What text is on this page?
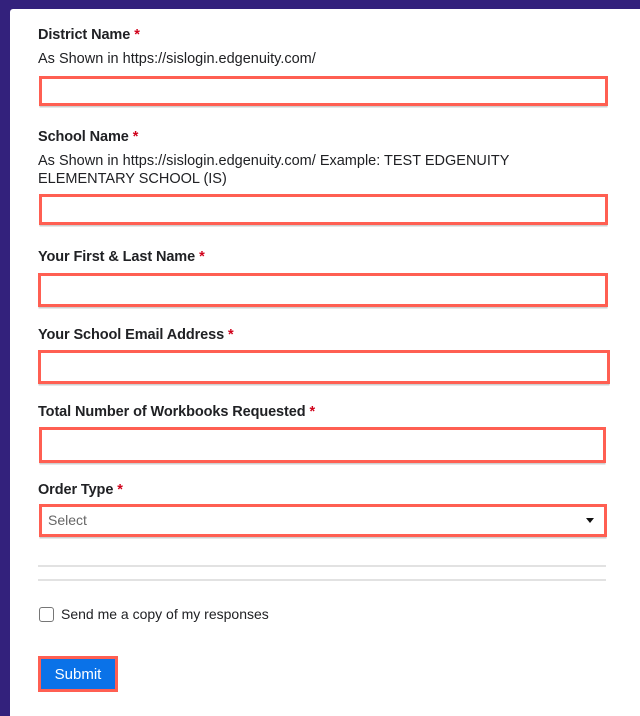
District Name *
As Shown in https://sislogin.edgenuity.com/
School Name *
As Shown in https://sislogin.edgenuity.com/ Example: TEST EDGENUITY ELEMENTARY SCHOOL (IS)
Your First & Last Name *
Your School Email Address *
Total Number of Workbooks Requested *
Order Type *
Select
Send me a copy of my responses
Submit
